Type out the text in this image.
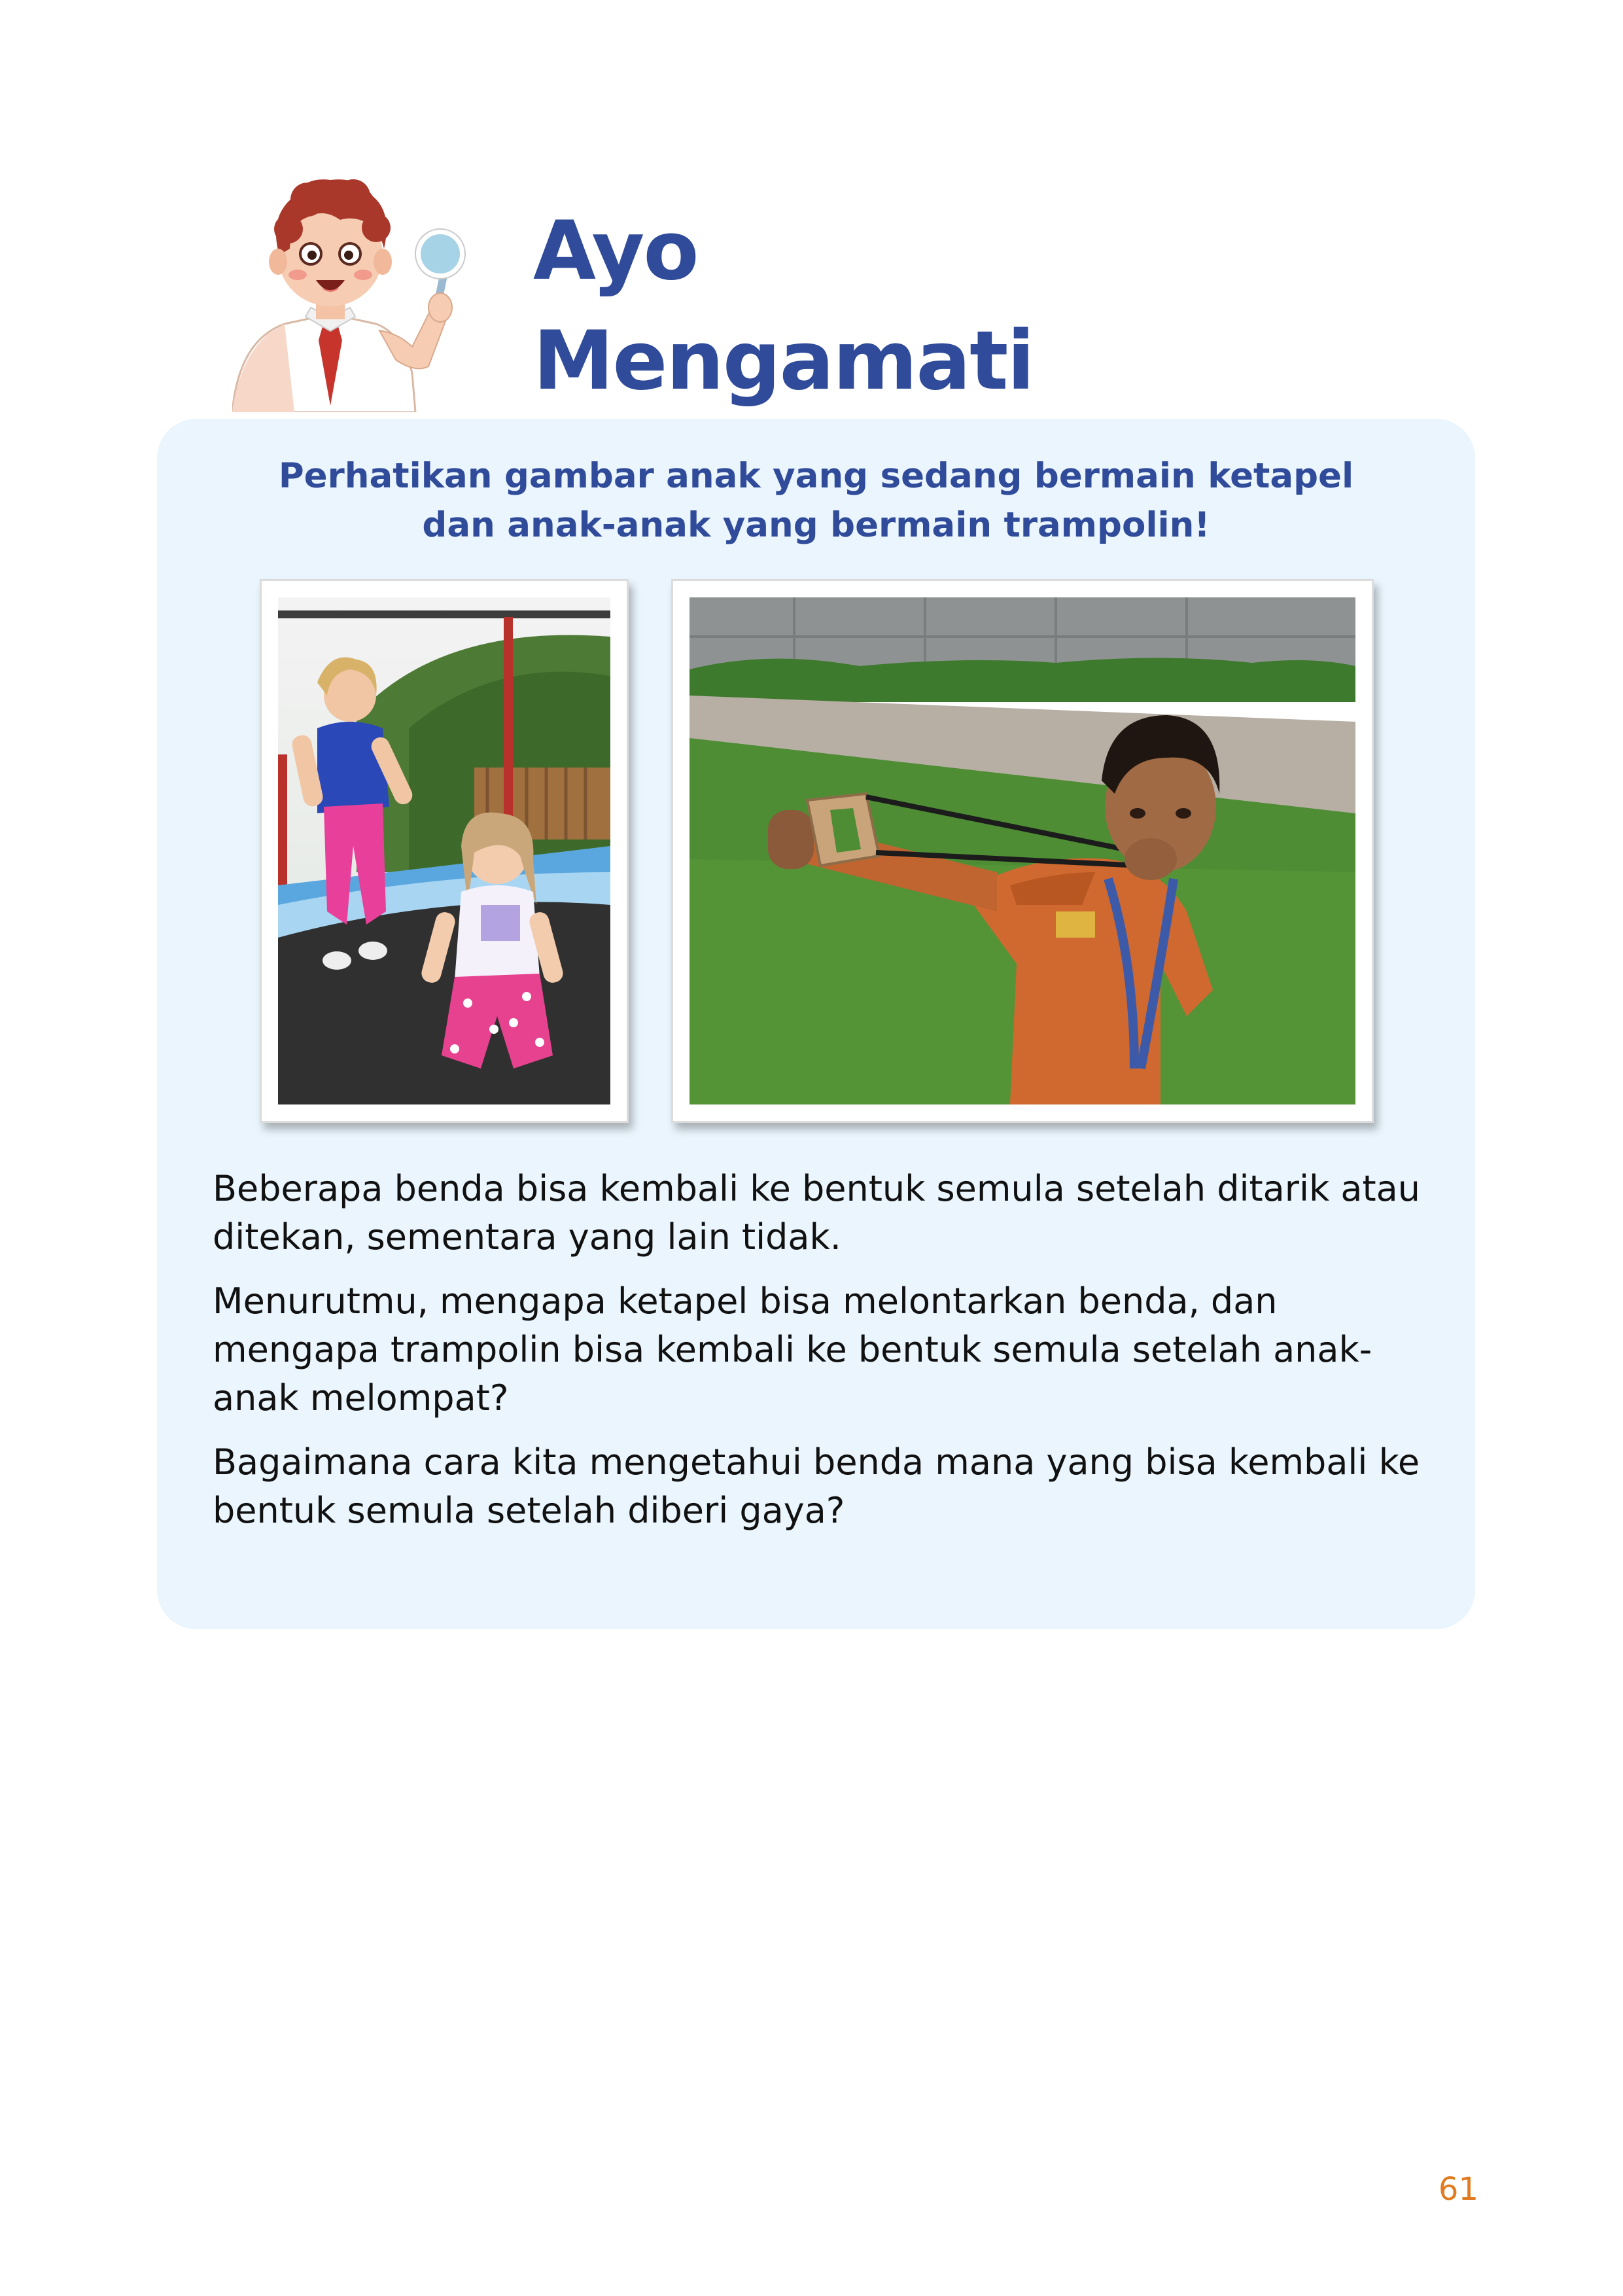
Ayo
Mengamati
Perhatikan gambar anak yang sedang bermain ketapel
dan anak-anak yang bermain trampolin!

Beberapa benda bisa kembali ke bentuk semula setelah ditarik atau ditekan, sementara yang lain tidak.

Menurutmu, mengapa ketapel bisa melontarkan benda, dan mengapa trampolin bisa kembali ke bentuk semula setelah anak-anak melompat?

Bagaimana cara kita mengetahui benda mana yang bisa kembali ke bentuk semula setelah diberi gaya?

61
